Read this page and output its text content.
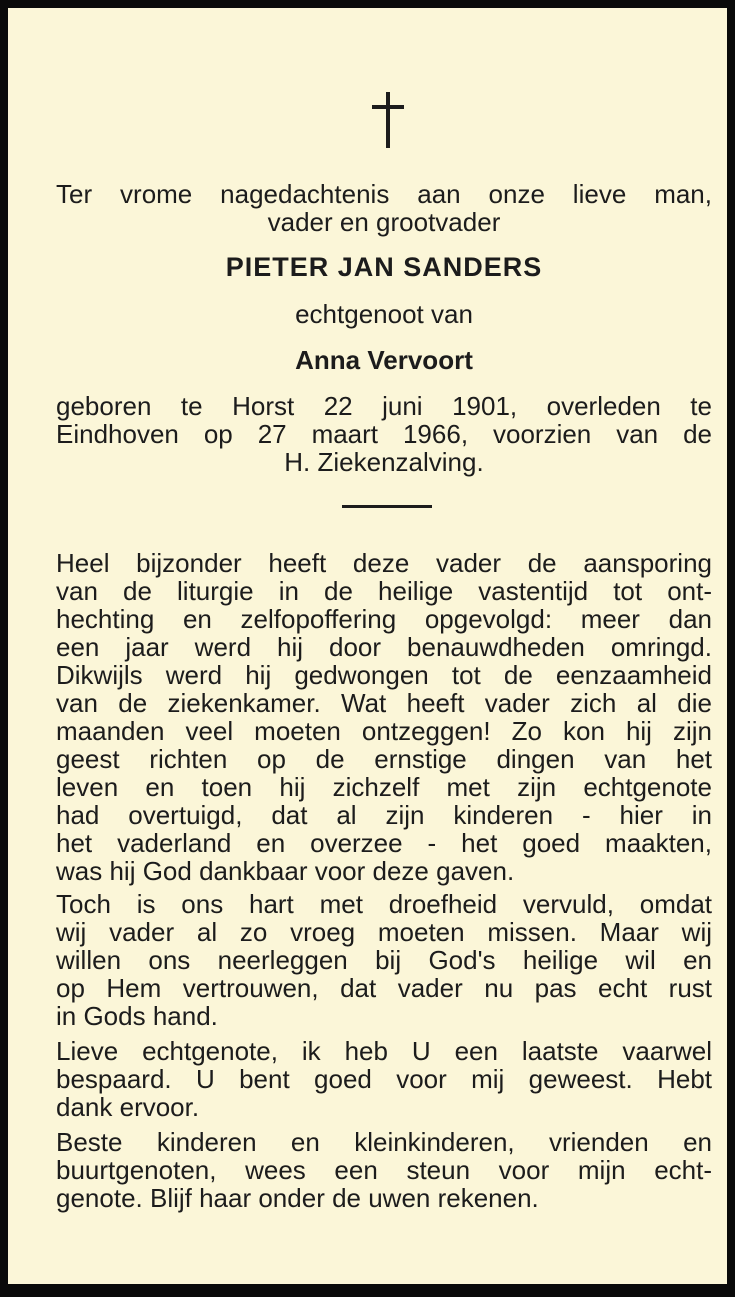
Ter vrome nagedachtenis aan onze lieve man,
vader en grootvader
PIETER JAN SANDERS
echtgenoot van
Anna Vervoort
geboren te Horst 22 juni 1901, overleden te
Eindhoven op 27 maart 1966, voorzien van de
H. Ziekenzalving.
Heel bijzonder heeft deze vader de aansporing
van de liturgie in de heilige vastentijd tot ont-
hechting en zelfopoffering opgevolgd: meer dan
een jaar werd hij door benauwdheden omringd.
Dikwijls werd hij gedwongen tot de eenzaamheid
van de ziekenkamer. Wat heeft vader zich al die
maanden veel moeten ontzeggen! Zo kon hij zijn
geest richten op de ernstige dingen van het
leven en toen hij zichzelf met zijn echtgenote
had overtuigd, dat al zijn kinderen - hier in
het vaderland en overzee - het goed maakten,
was hij God dankbaar voor deze gaven.
Toch is ons hart met droefheid vervuld, omdat
wij vader al zo vroeg moeten missen. Maar wij
willen ons neerleggen bij God's heilige wil en
op Hem vertrouwen, dat vader nu pas echt rust
in Gods hand.
Lieve echtgenote, ik heb U een laatste vaarwel
bespaard. U bent goed voor mij geweest. Hebt
dank ervoor.
Beste kinderen en kleinkinderen, vrienden en
buurtgenoten, wees een steun voor mijn echt-
genote. Blijf haar onder de uwen rekenen.
